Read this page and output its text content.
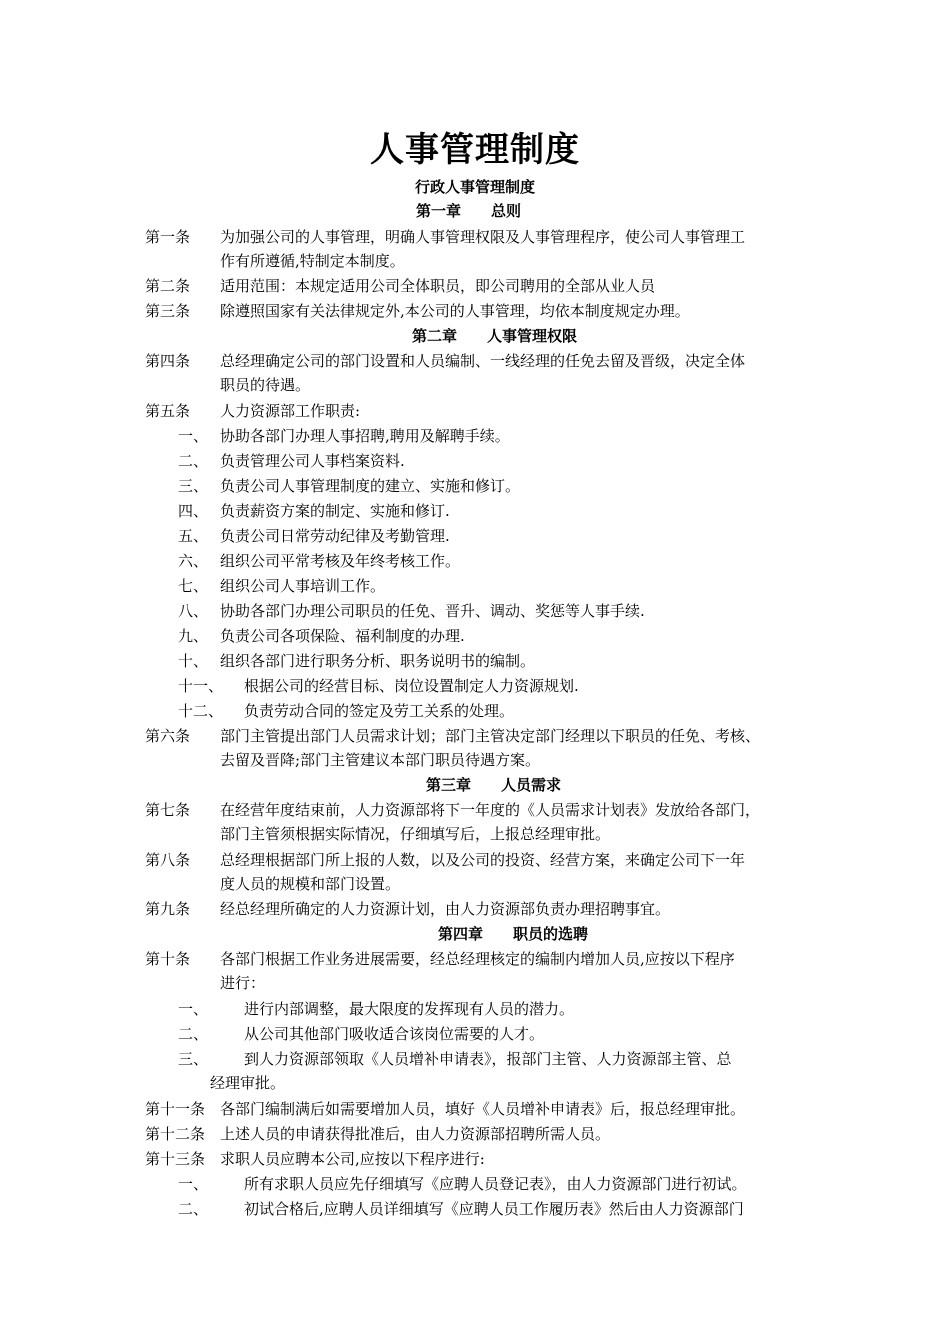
人事管理制度
行政人事管理制度
第一章　　总则
第一条 为加强公司的人事管理，明确人事管理权限及人事管理程序，使公司人事管理工
作有所遵循,特制定本制度。
第二条 适用范围：本规定适用公司全体职员，即公司聘用的全部从业人员
第三条 除遵照国家有关法律规定外,本公司的人事管理，均依本制度规定办理。
第二章　　人事管理权限
第四条 总经理确定公司的部门设置和人员编制、一线经理的任免去留及晋级，决定全体
职员的待遇。
第五条 人力资源部工作职责:
一、 协助各部门办理人事招聘,聘用及解聘手续。
二、 负责管理公司人事档案资料.
三、 负责公司人事管理制度的建立、实施和修订。
四、 负责薪资方案的制定、实施和修订.
五、 负责公司日常劳动纪律及考勤管理.
六、 组织公司平常考核及年终考核工作。
七、 组织公司人事培训工作。
八、 协助各部门办理公司职员的任免、晋升、调动、奖惩等人事手续.
九、 负责公司各项保险、福利制度的办理.
十、 组织各部门进行职务分析、职务说明书的编制。
十一、 根据公司的经营目标、岗位设置制定人力资源规划.
十二、 负责劳动合同的签定及劳工关系的处理。
第六条 部门主管提出部门人员需求计划；部门主管决定部门经理以下职员的任免、考核、
去留及晋降;部门主管建议本部门职员待遇方案。
第三章　　人员需求
第七条 在经营年度结束前，人力资源部将下一年度的《人员需求计划表》发放给各部门，
部门主管须根据实际情况，仔细填写后，上报总经理审批。
第八条 总经理根据部门所上报的人数，以及公司的投资、经营方案，来确定公司下一年
度人员的规模和部门设置。
第九条 经总经理所确定的人力资源计划，由人力资源部负责办理招聘事宜。
第四章　　职员的选聘
第十条 各部门根据工作业务进展需要，经总经理核定的编制内增加人员,应按以下程序
进行：
一、 进行内部调整，最大限度的发挥现有人员的潜力。
二、 从公司其他部门吸收适合该岗位需要的人才。
三、 到人力资源部领取《人员增补申请表》，报部门主管、人力资源部主管、总
经理审批。
第十一条 各部门编制满后如需要增加人员，填好《人员增补申请表》后，报总经理审批。
第十二条 上述人员的申请获得批准后，由人力资源部招聘所需人员。
第十三条 求职人员应聘本公司,应按以下程序进行:
一、 所有求职人员应先仔细填写《应聘人员登记表》，由人力资源部门进行初试。
二、 初试合格后,应聘人员详细填写《应聘人员工作履历表》然后由人力资源部门
